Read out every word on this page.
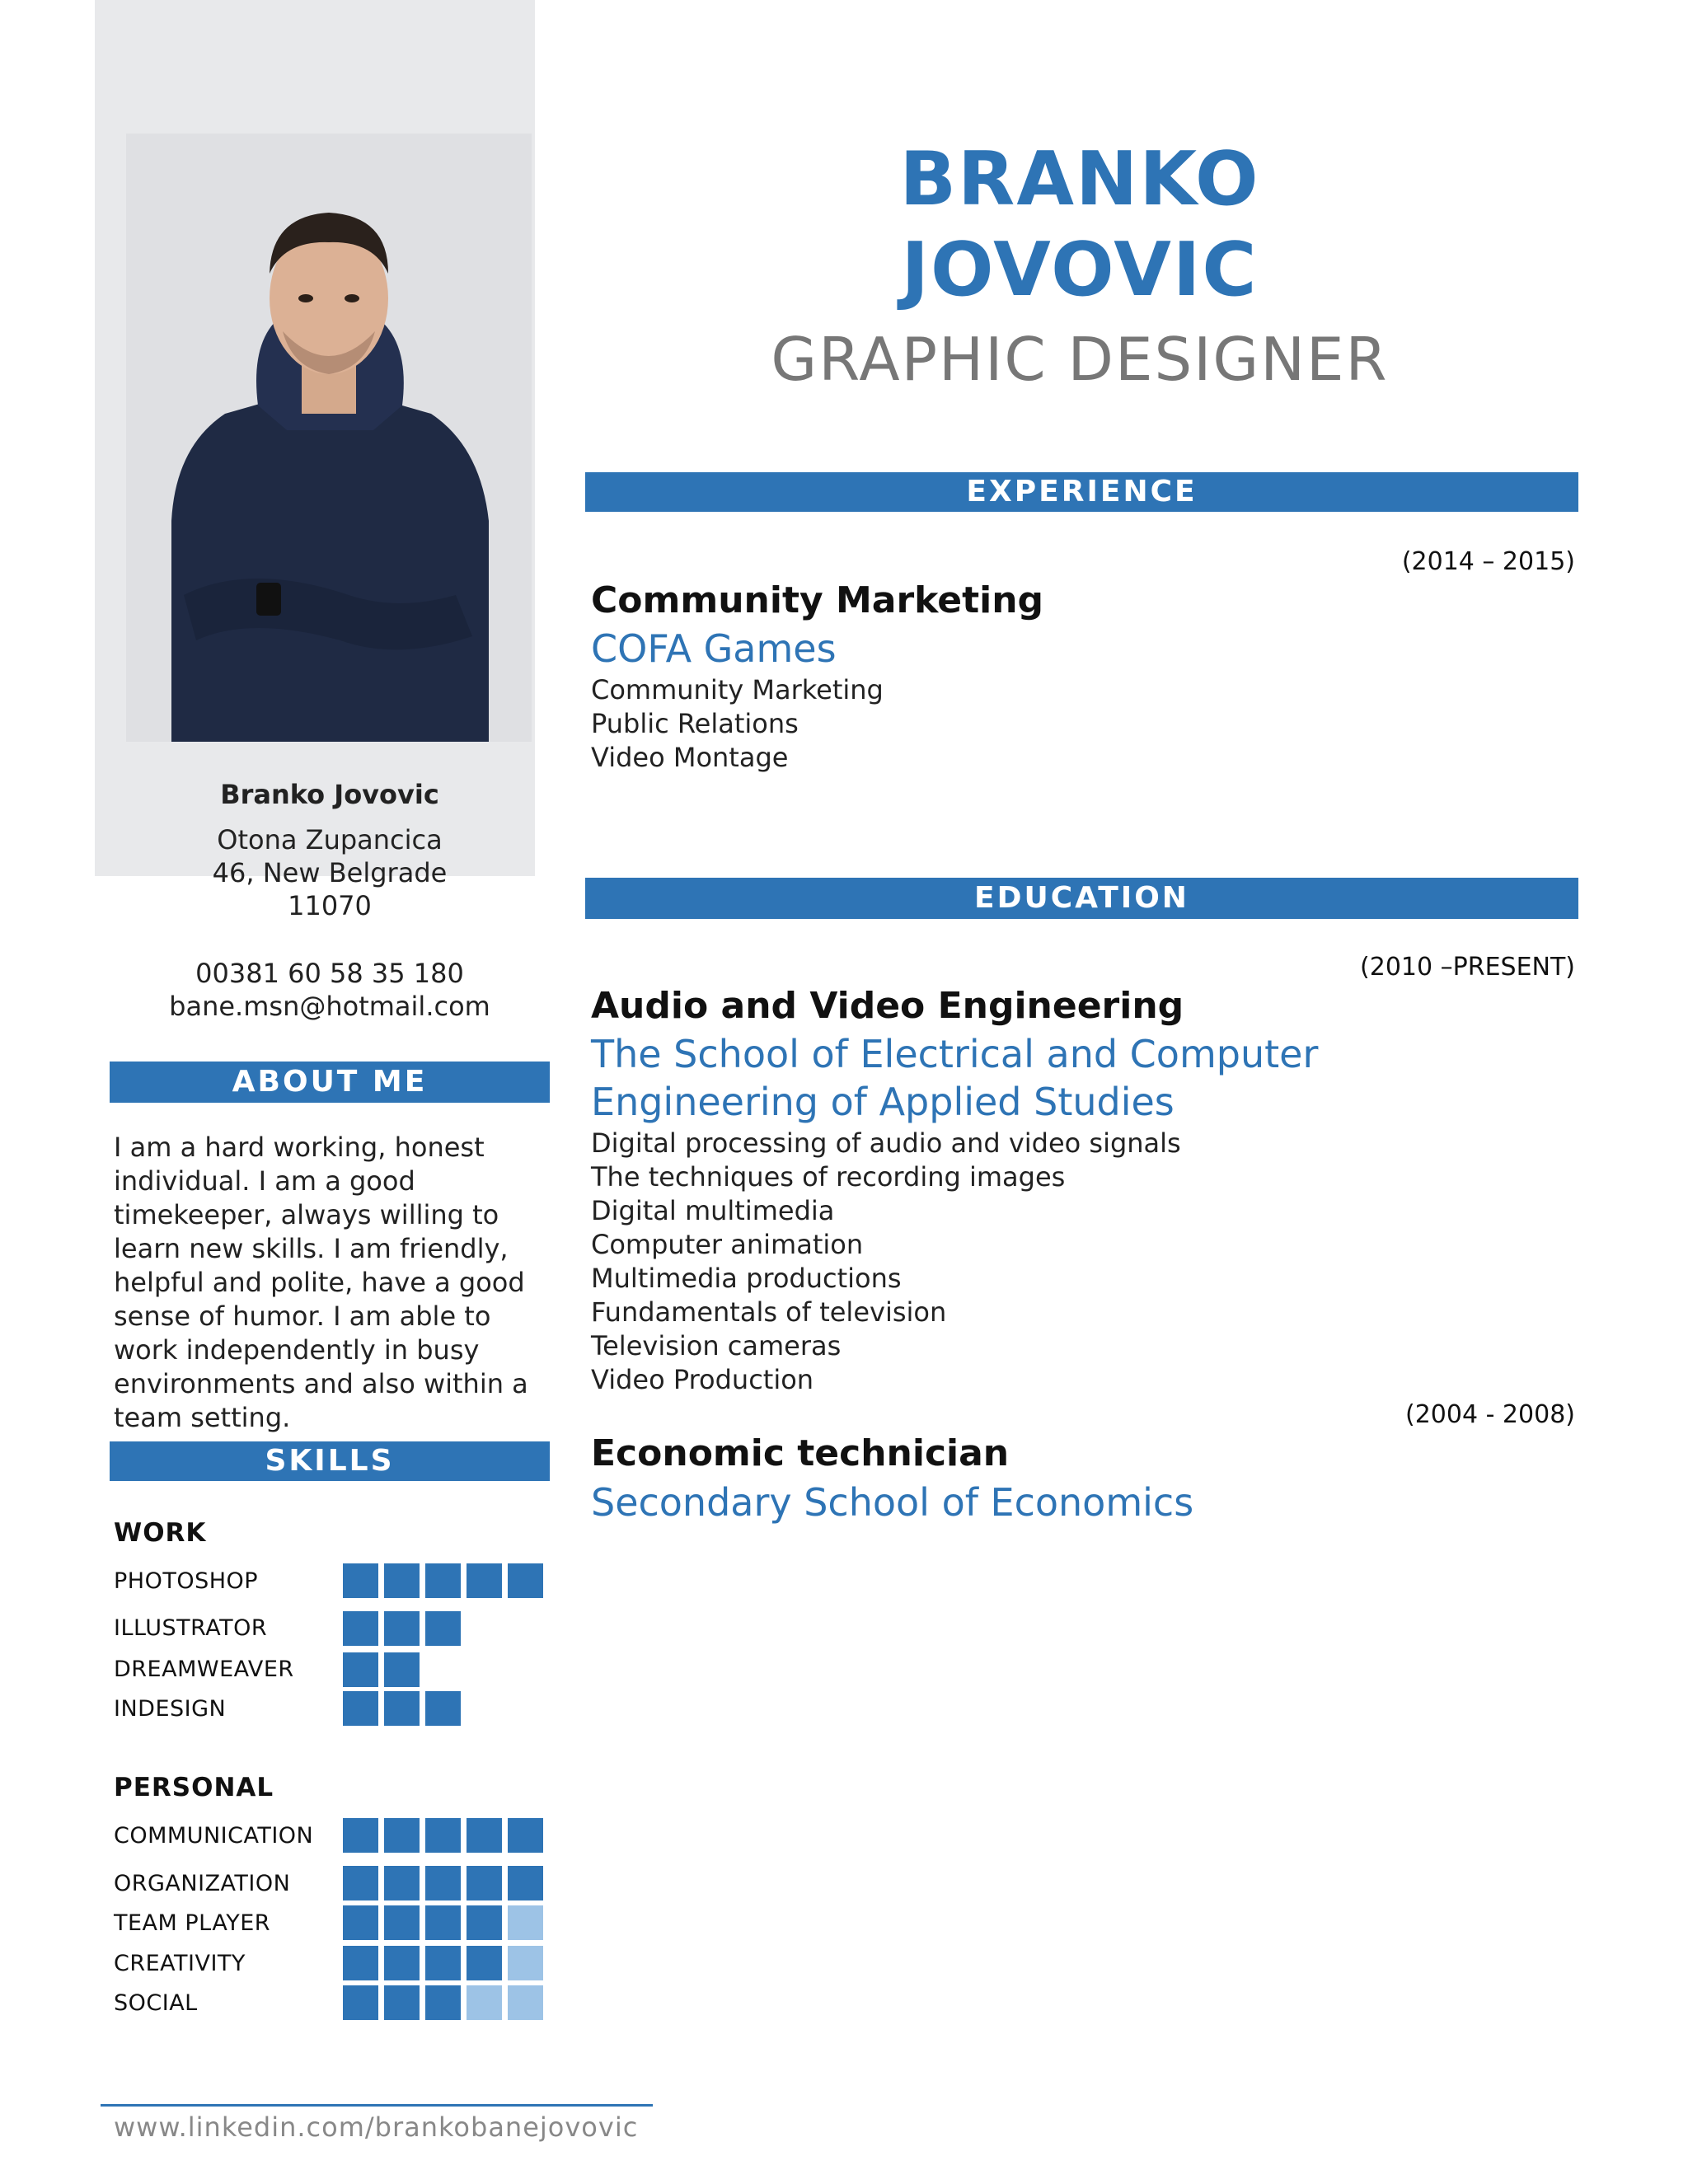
Branko Jovovic
Otona Zupancica
46, New Belgrade
11070
00381 60 58 35 180
bane.msn@hotmail.com
ABOUT ME
I am a hard working, honest
individual. I am a good
timekeeper, always willing to
learn new skills. I am friendly,
helpful and polite, have a good
sense of humor. I am able to
work independently in busy
environments and also within a
team setting.
SKILLS
WORK
PHOTOSHOP
ILLUSTRATOR
DREAMWEAVER
INDESIGN
PERSONAL
COMMUNICATION
ORGANIZATION
TEAM PLAYER
CREATIVITY
SOCIAL
www.linkedin.com/brankobanejovovic
BRANKO
JOVOVIC
GRAPHIC DESIGNER
EXPERIENCE
(2014 – 2015)
Community Marketing
COFA Games
Community Marketing
Public Relations
Video Montage
EDUCATION
(2010 –PRESENT)
Audio and Video Engineering
The School of Electrical and Computer
Engineering of Applied Studies
Digital processing of audio and video signals
The techniques of recording images
Digital multimedia
Computer animation
Multimedia productions
Fundamentals of television
Television cameras
Video Production
(2004 - 2008)
Economic technician
Secondary School of Economics
